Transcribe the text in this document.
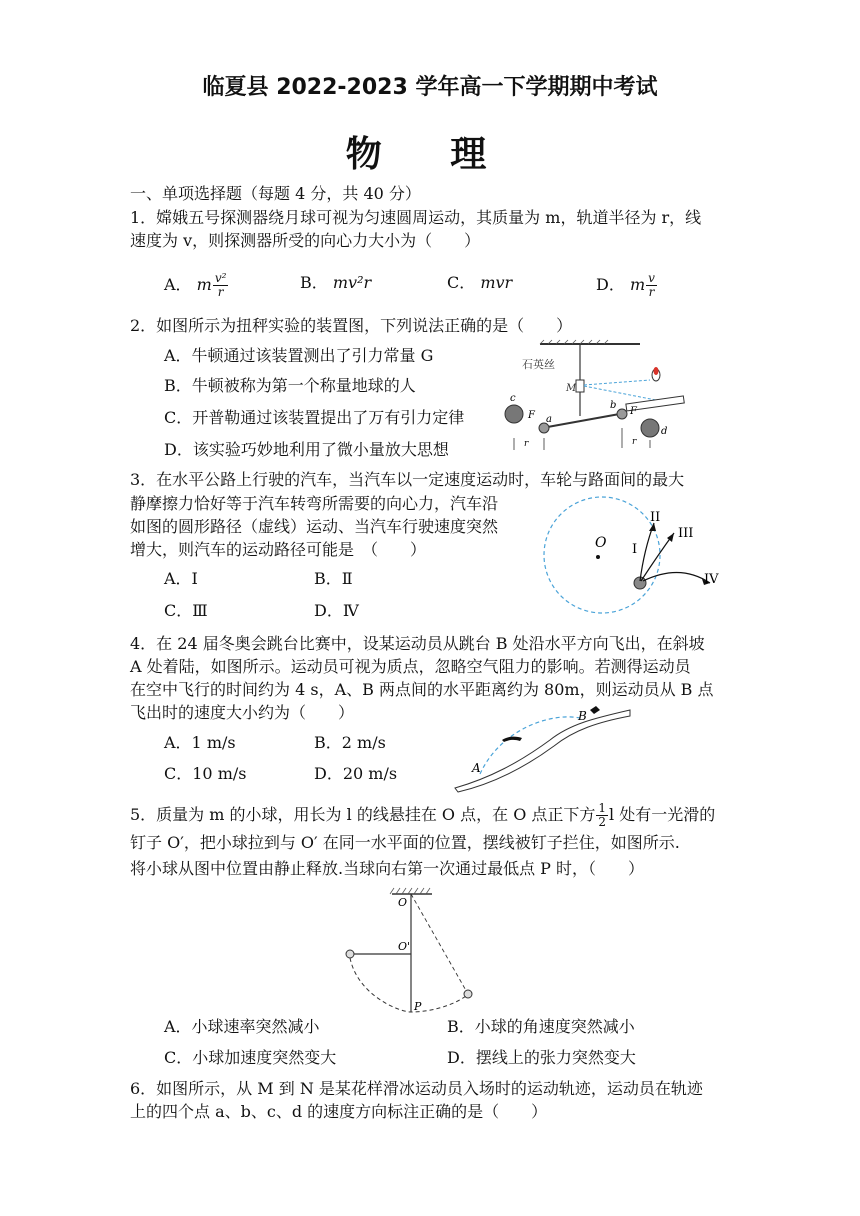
临夏县 2022-2023 学年高一下学期期中考试
物 理
一、单项选择题（每题 4 分，共 40 分）
1．嫦娥五号探测器绕月球可视为匀速圆周运动，其质量为 m，轨道半径为 r，线
速度为 v，则探测器所受的向心力大小为（　　）
A． m $\frac{\text{v²}}{r}$	B． mv²r	C． mvr	D． m $\frac{v}{r}$
2．如图所示为扭秤实验的装置图，下列说法正确的是（　　）
A．牛顿通过该装置测出了引力常量 G
B．牛顿被称为第一个称量地球的人
C．开普勒通过该装置提出了万有引力定律
D．该实验巧妙地利用了微小量放大思想
石英丝
M
c
F a
b
F
d
r	r
3．在水平公路上行驶的汽车，当汽车以一定速度运动时，车轮与路面间的最大
静摩擦力恰好等于汽车转弯所需要的向心力，汽车沿
如图的圆形路径（虚线）运动、当汽车行驶速度突然
增大，则汽车的运动路径可能是　（　　）
A．Ⅰ	B．Ⅱ
C．Ⅲ	D．Ⅳ
O I
II
III
IV
4．在 24 届冬奥会跳台比赛中，设某运动员从跳台 B 处沿水平方向飞出，在斜坡
A 处着陆，如图所示。运动员可视为质点，忽略空气阻力的影响。若测得运动员
在空中飞行的时间约为 4 s，A、B 两点间的水平距离约为 80m，则运动员从 B 点
飞出时的速度大小约为（　　）
A．1 m/s	B．2 m/s
C．10 m/s	D．20 m/s	A
B
5．质量为 m 的小球，用长为 l 的线悬挂在 O 点，在 O 点正下方 $\frac{1}{2}$ l 处有一光滑的
钉子 O′，把小球拉到与 O′ 在同一水平面的位置，摆线被钉子拦住，如图所示.
将小球从图中位置由静止释放.当球向右第一次通过最低点 P 时，（　　）
O
O'
P
A．小球速率突然减小	B．小球的角速度突然减小
C．小球加速度突然变大	D．摆线上的张力突然变大
6．如图所示，从 M 到 N 是某花样滑冰运动员入场时的运动轨迹，运动员在轨迹
上的四个点 a、b、c、d 的速度方向标注正确的是（　　）
